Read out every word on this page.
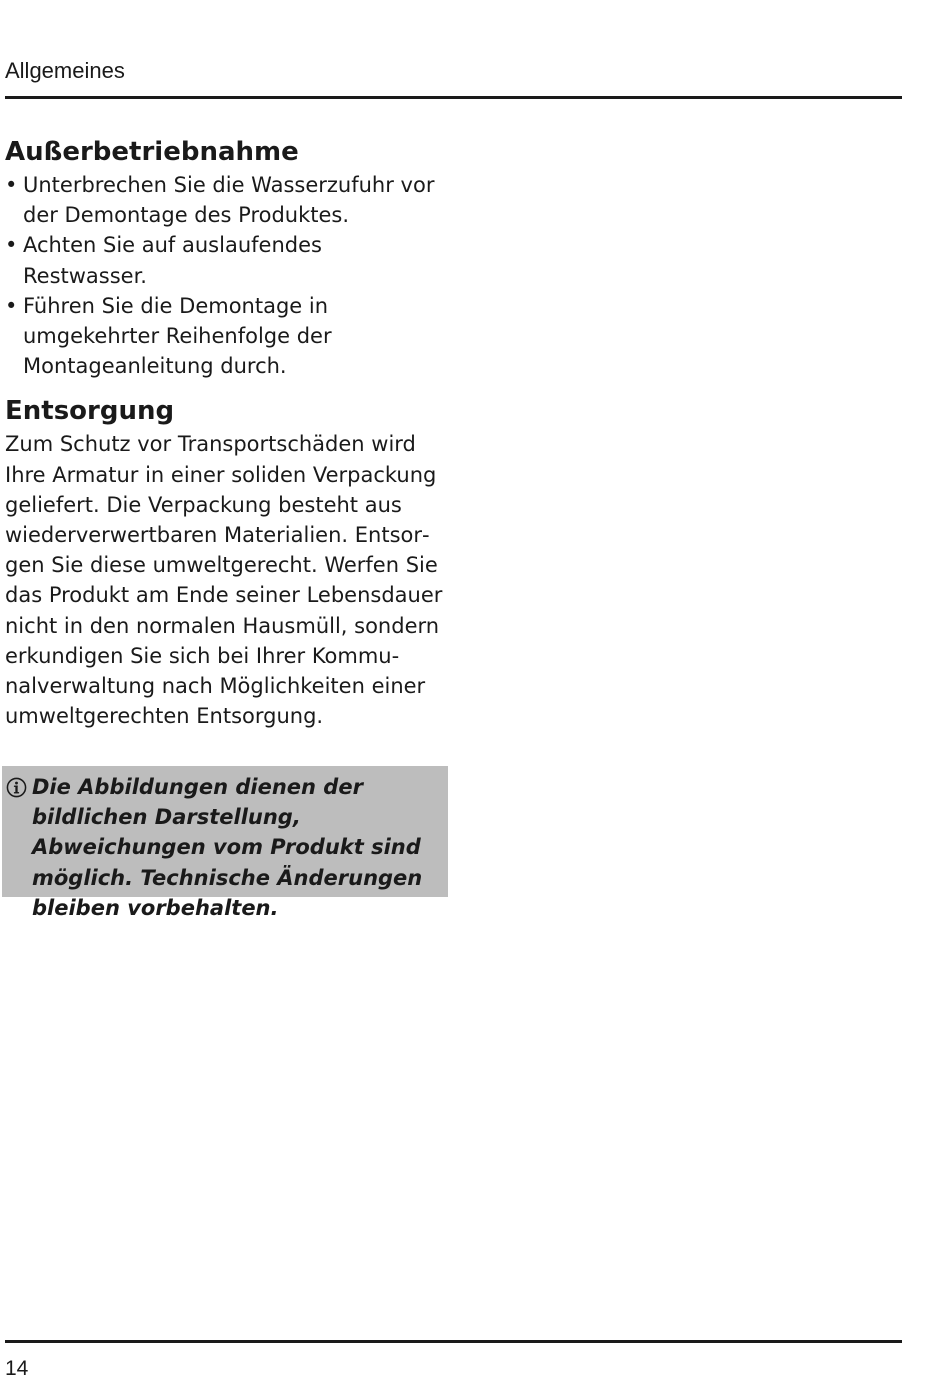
Allgemeines
Außerbetriebnahme
• Unterbrechen Sie die Wasserzufuhr vor der Demontage des Produktes.
• Achten Sie auf auslaufendes Restwasser.
• Führen Sie die Demontage in umgekehrter Reihenfolge der Montageanleitung durch.
Entsorgung

Zum Schutz vor Transportschäden wird Ihre Armatur in einer soliden Verpackung geliefert. Die Verpackung besteht aus wiederverwertbaren Materialien. Entsorgen Sie diese umweltgerecht. Werfen Sie das Produkt am Ende seiner Lebensdauer nicht in den normalen Hausmüll, sondern erkundigen Sie sich bei Ihrer Kommunalverwaltung nach Möglichkeiten einer umweltgerechten Entsorgung.

Die Abbildungen dienen der bildlichen Darstellung, Abweichungen vom Produkt sind möglich. Technische Änderungen bleiben vorbehalten.
14
